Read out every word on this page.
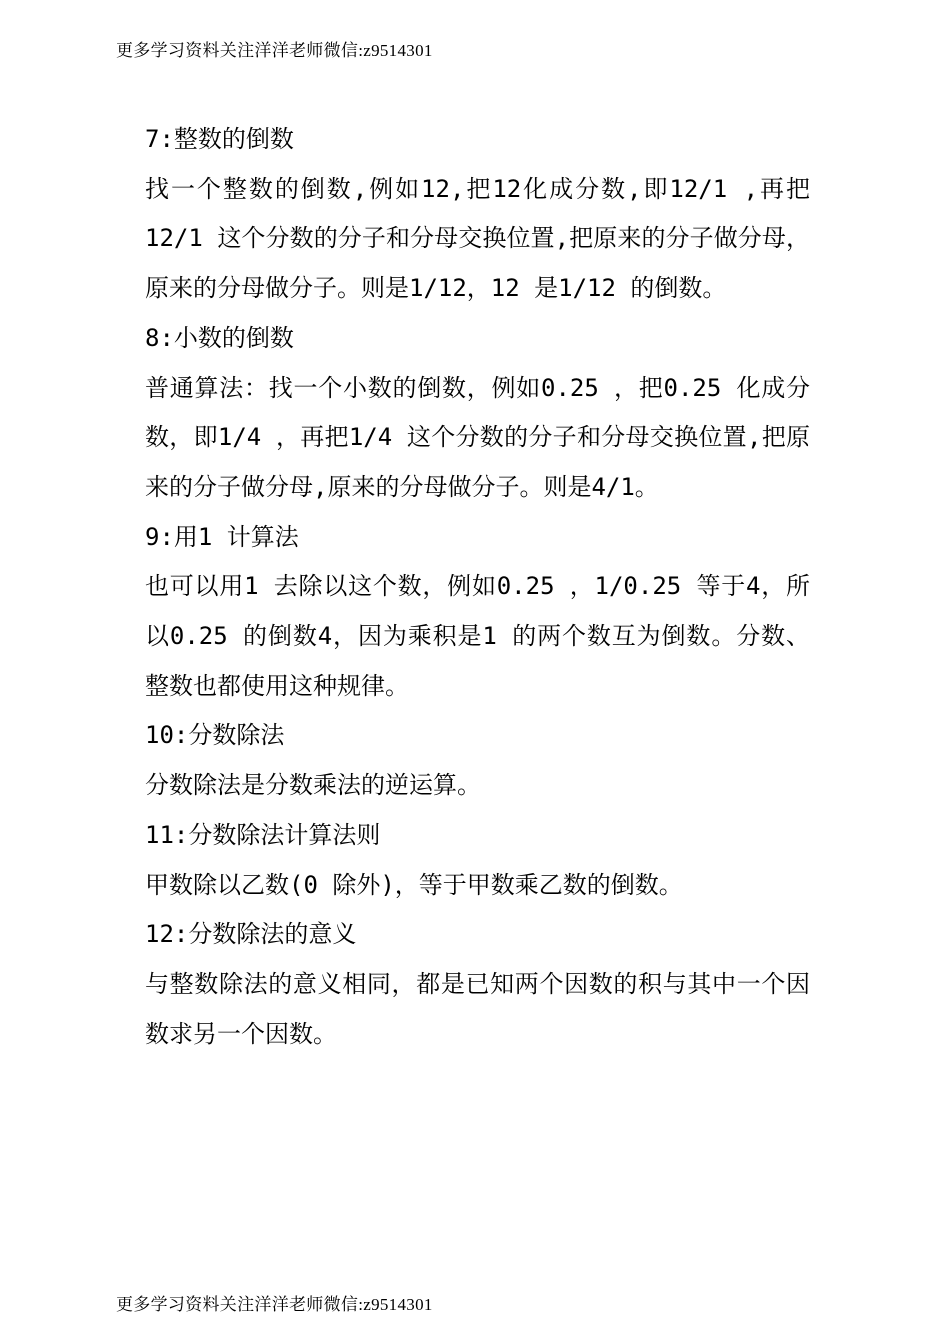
更多学习资料关注洋洋老师微信:z9514301

7:整数的倒数

找一个整数的倒数,例如12,把12化成分数,即12/1 ,再把12/1 这个分数的分子和分母交换位置,把原来的分子做分母，原来的分母做分子。则是1/12，12 是1/12 的倒数。

8:小数的倒数

普通算法：找一个小数的倒数，例如0.25 ，把0.25 化成分数，即1/4 ，再把1/4 这个分数的分子和分母交换位置,把原来的分子做分母,原来的分母做分子。则是4/1。

9:用1 计算法

也可以用1 去除以这个数，例如0.25 ，1/0.25 等于4，所以0.25 的倒数4，因为乘积是1 的两个数互为倒数。分数、整数也都使用这种规律。

10:分数除法

分数除法是分数乘法的逆运算。

11:分数除法计算法则

甲数除以乙数(0 除外)，等于甲数乘乙数的倒数。

12:分数除法的意义

与整数除法的意义相同，都是已知两个因数的积与其中一个因数求另一个因数。

更多学习资料关注洋洋老师微信:z9514301
